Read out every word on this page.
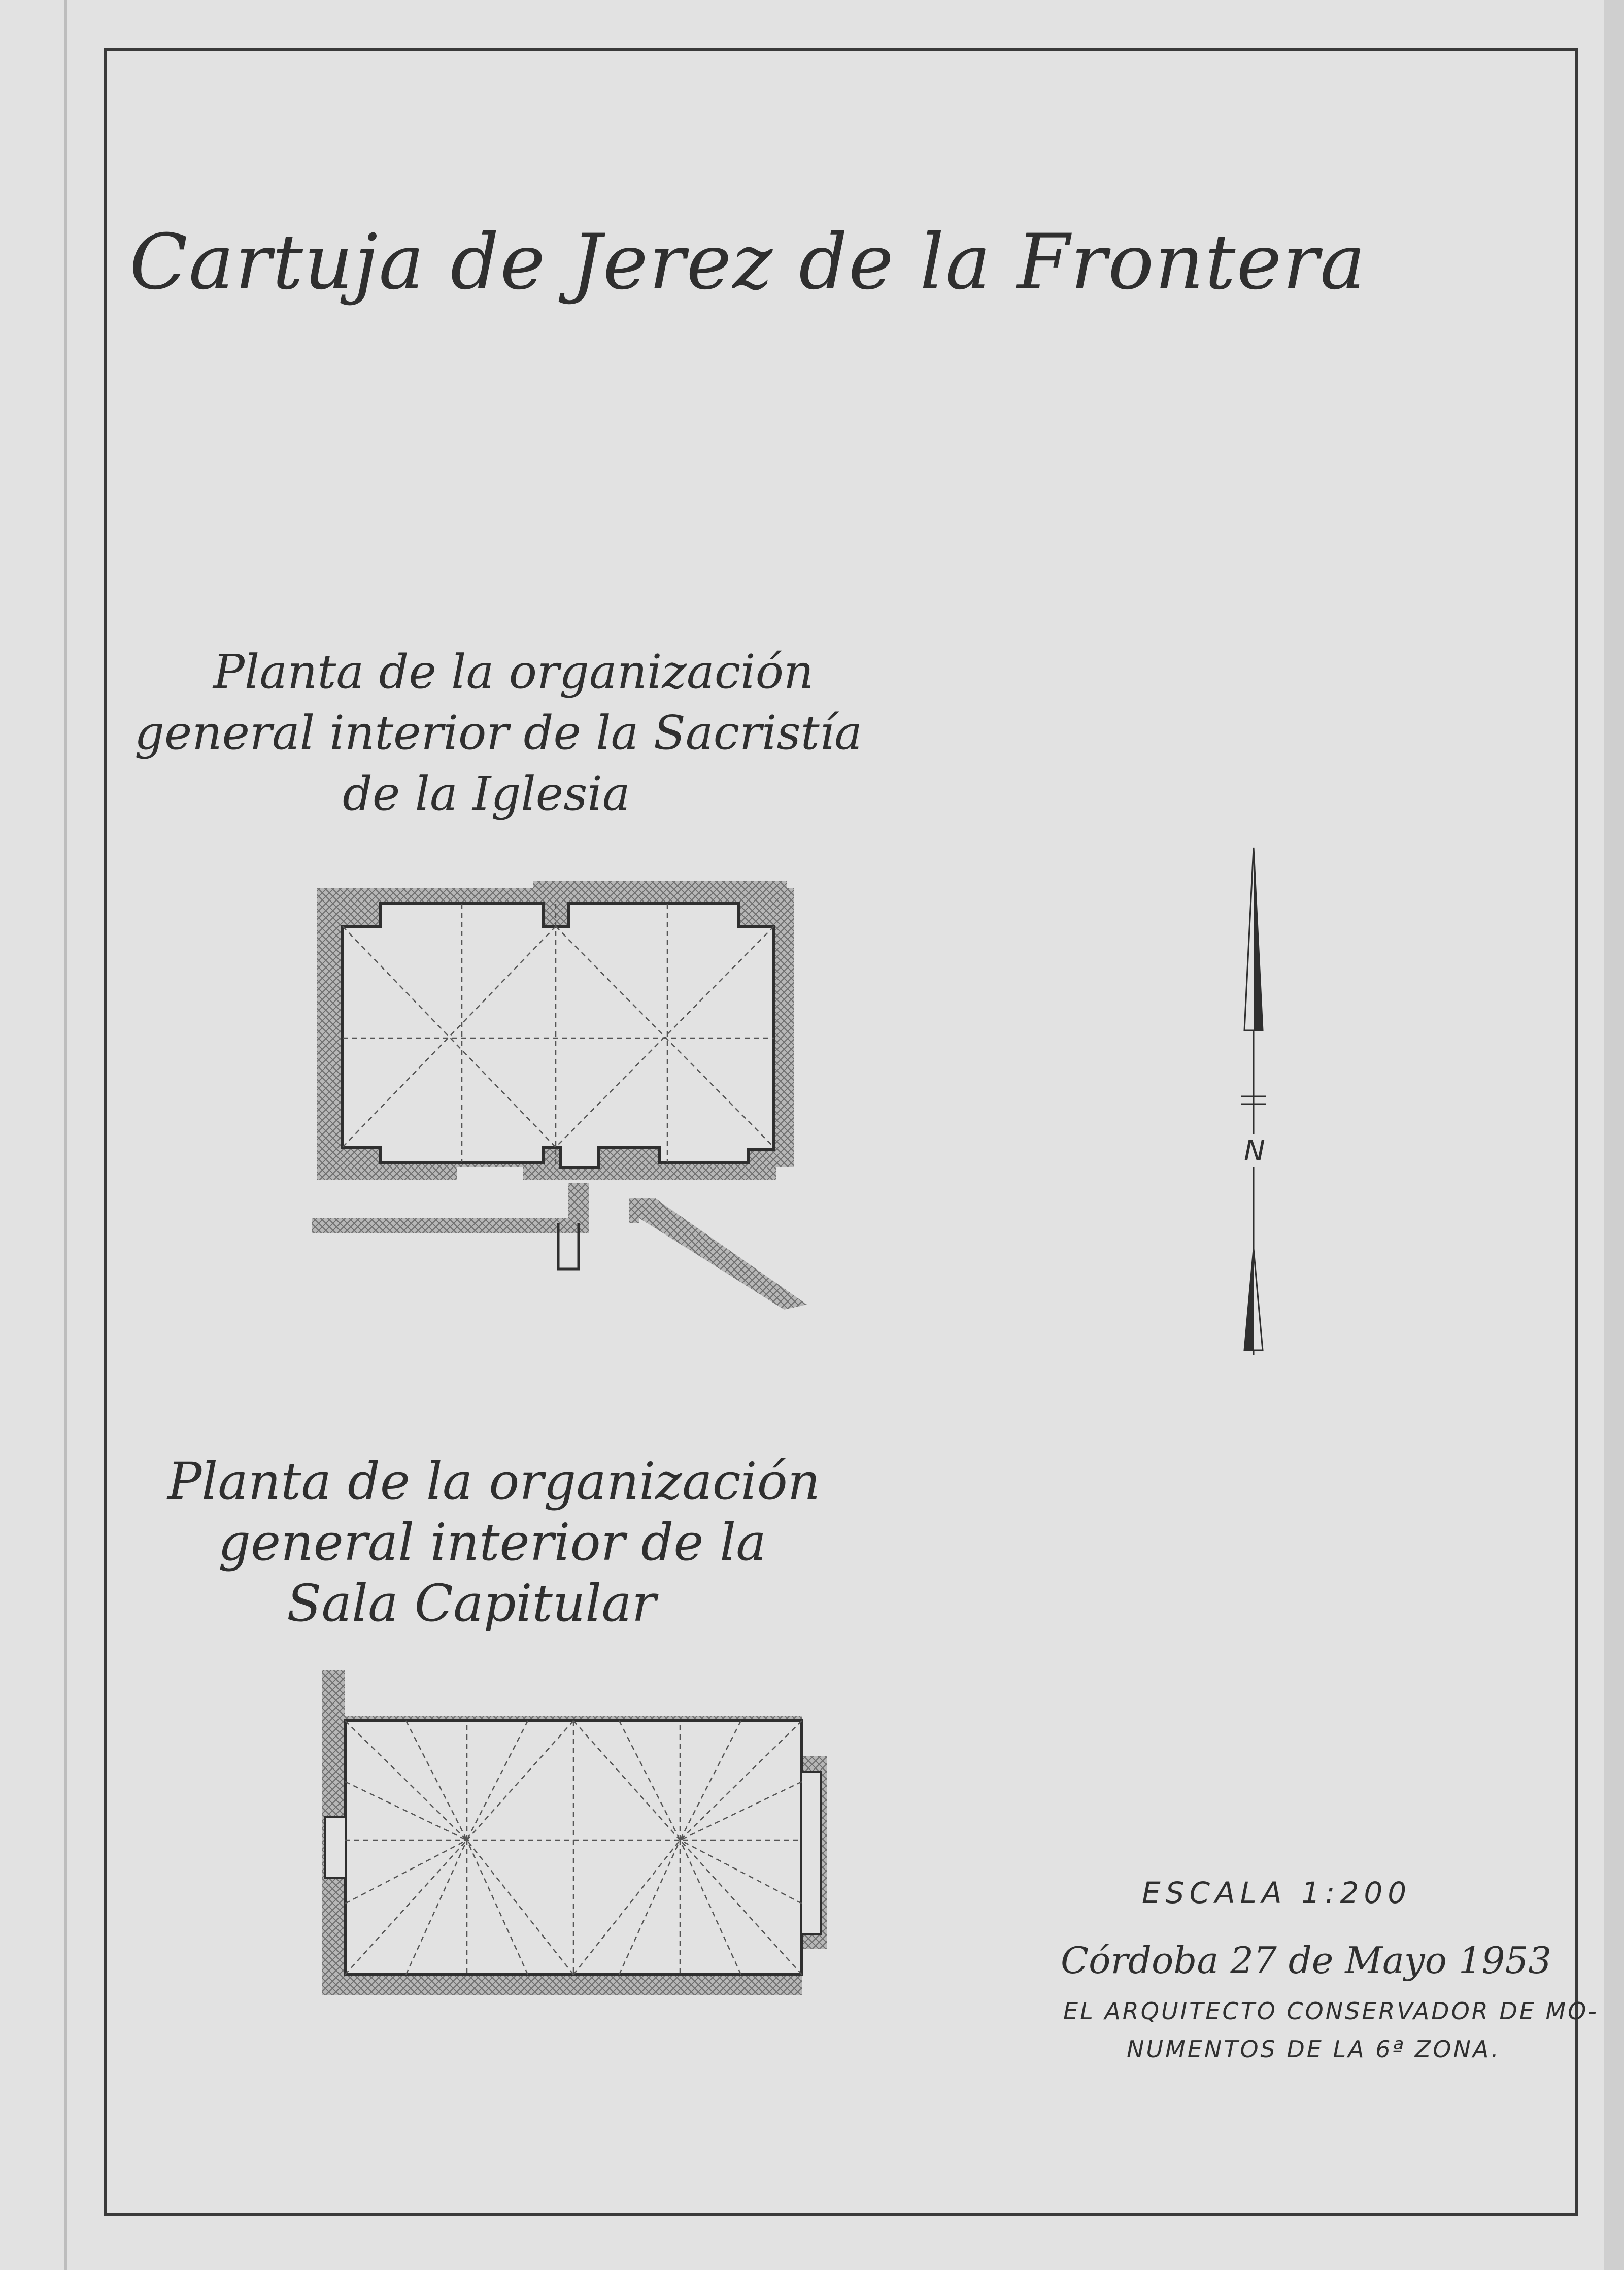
Cartuja de Jerez de la Frontera
Planta de la organización
general interior de la Sacristía
de la Iglesia
N
Planta de la organización
general interior de la
Sala Capitular
ESCALA 1:200
Córdoba 27 de Mayo 1953
EL ARQUITECTO CONSERVADOR DE MO-
NUMENTOS DE LA 6ª ZONA.
